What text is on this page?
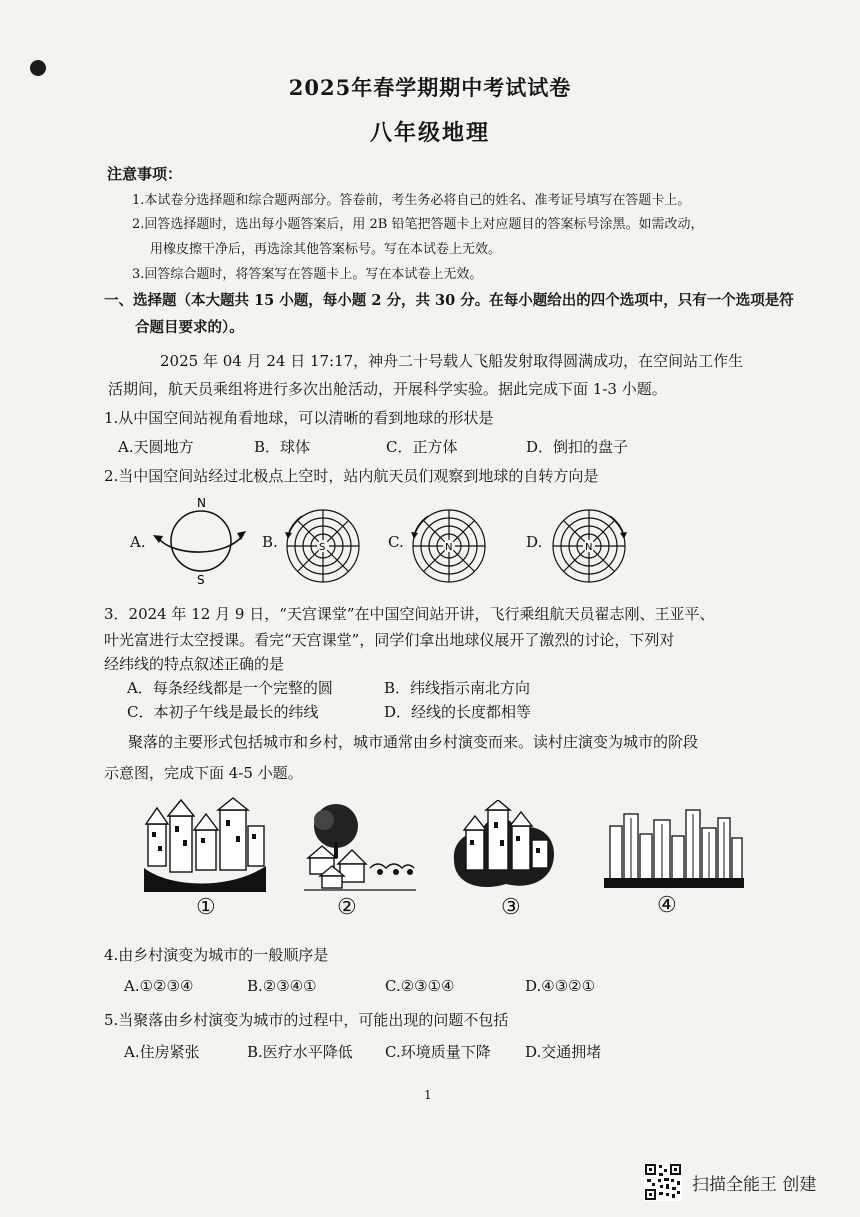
2025年春学期期中考试试卷
八年级地理
注意事项：
1.本试卷分选择题和综合题两部分。答卷前，考生务必将自己的姓名、准考证号填写在答题卡上。
2.回答选择题时，选出每小题答案后，用 2B 铅笔把答题卡上对应题目的答案标号涂黑。如需改动，
用橡皮擦干净后，再选涂其他答案标号。写在本试卷上无效。
3.回答综合题时，将答案写在答题卡上。写在本试卷上无效。
一、选择题（本大题共 15 小题，每小题 2 分，共 30 分。在每小题给出的四个选项中，只有一个选项是符
合题目要求的）。
2025 年 04 月 24 日 17:17，神舟二十号载人飞船发射取得圆满成功，在空间站工作生
活期间，航天员乘组将进行多次出舱活动，开展科学实验。据此完成下面 1-3 小题。
1.从中国空间站视角看地球，可以清晰的看到地球的形状是
A.天圆地方	B．球体	C．正方体	D．倒扣的盘子
2.当中国空间站经过北极点上空时，站内航天员们观察到地球的自转方向是
A.	B.	C.	D.
N
S
S	N	N
3．2024 年 12 月 9 日，“天宫课堂”在中国空间站开讲，飞行乘组航天员翟志刚、王亚平、
叶光富进行太空授课。看完“天宫课堂”，同学们拿出地球仪展开了激烈的讨论，下列对
经纬线的特点叙述正确的是
A．每条经线都是一个完整的圆	B．纬线指示南北方向
C．本初子午线是最长的纬线	D．经线的长度都相等
聚落的主要形式包括城市和乡村，城市通常由乡村演变而来。读村庄演变为城市的阶段
示意图，完成下面 4-5 小题。
①	②	③	④
4.由乡村演变为城市的一般顺序是
A.①②③④	B.②③④①	C.②③①④	D.④③②①
5.当聚落由乡村演变为城市的过程中，可能出现的问题不包括
A.住房紧张	B.医疗水平降低 C.环境质量下降 D.交通拥堵
1
扫描全能王 创建
